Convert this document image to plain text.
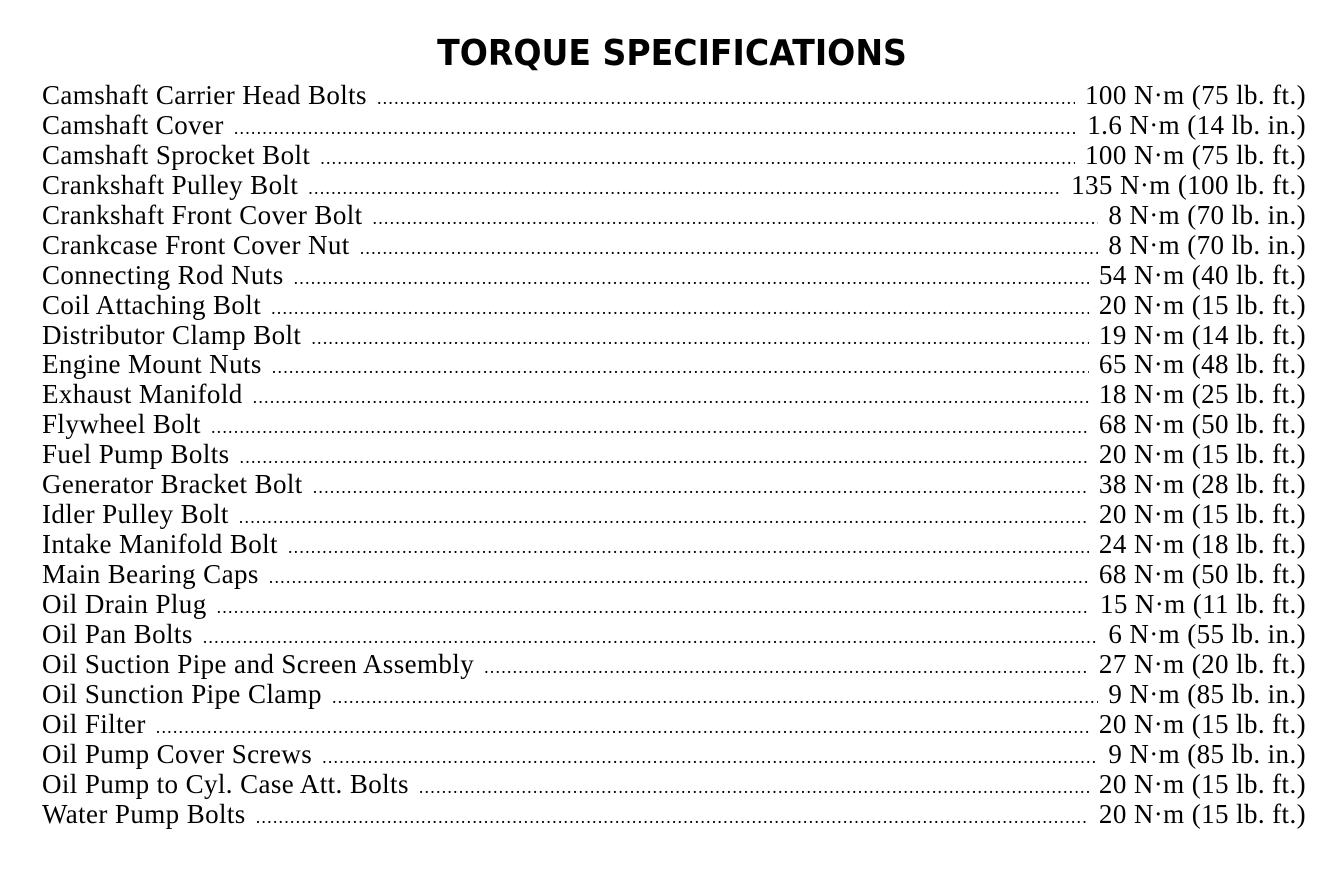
TORQUE SPECIFICATIONS
Camshaft Carrier Head Bolts .....	100 N·m (75 lb. ft.)
Camshaft Cover .....	1.6 N·m (14 lb. in.)
Camshaft Sprocket Bolt .....	100 N·m (75 lb. ft.)
Crankshaft Pulley Bolt .....	135 N·m (100 lb. ft.)
Crankshaft Front Cover Bolt .....	8 N·m (70 lb. in.)
Crankcase Front Cover Nut .....	8 N·m (70 lb. in.)
Connecting Rod Nuts .....	54 N·m (40 lb. ft.)
Coil Attaching Bolt .....	20 N·m (15 lb. ft.)
Distributor Clamp Bolt .....	19 N·m (14 lb. ft.)
Engine Mount Nuts .....	65 N·m (48 lb. ft.)
Exhaust Manifold .....	18 N·m (25 lb. ft.)
Flywheel Bolt .....	68 N·m (50 lb. ft.)
Fuel Pump Bolts .....	20 N·m (15 lb. ft.)
Generator Bracket Bolt .....	38 N·m (28 lb. ft.)
Idler Pulley Bolt .....	20 N·m (15 lb. ft.)
Intake Manifold Bolt .....	24 N·m (18 lb. ft.)
Main Bearing Caps .....	68 N·m (50 lb. ft.)
Oil Drain Plug .....	15 N·m (11 lb. ft.)
Oil Pan Bolts .....	6 N·m (55 lb. in.)
Oil Suction Pipe and Screen Assembly .....	27 N·m (20 lb. ft.)
Oil Sunction Pipe Clamp .....	9 N·m (85 lb. in.)
Oil Filter .....	20 N·m (15 lb. ft.)
Oil Pump Cover Screws .....	9 N·m (85 lb. in.)
Oil Pump to Cyl. Case Att. Bolts .....	20 N·m (15 lb. ft.)
Water Pump Bolts .....	20 N·m (15 lb. ft.)
